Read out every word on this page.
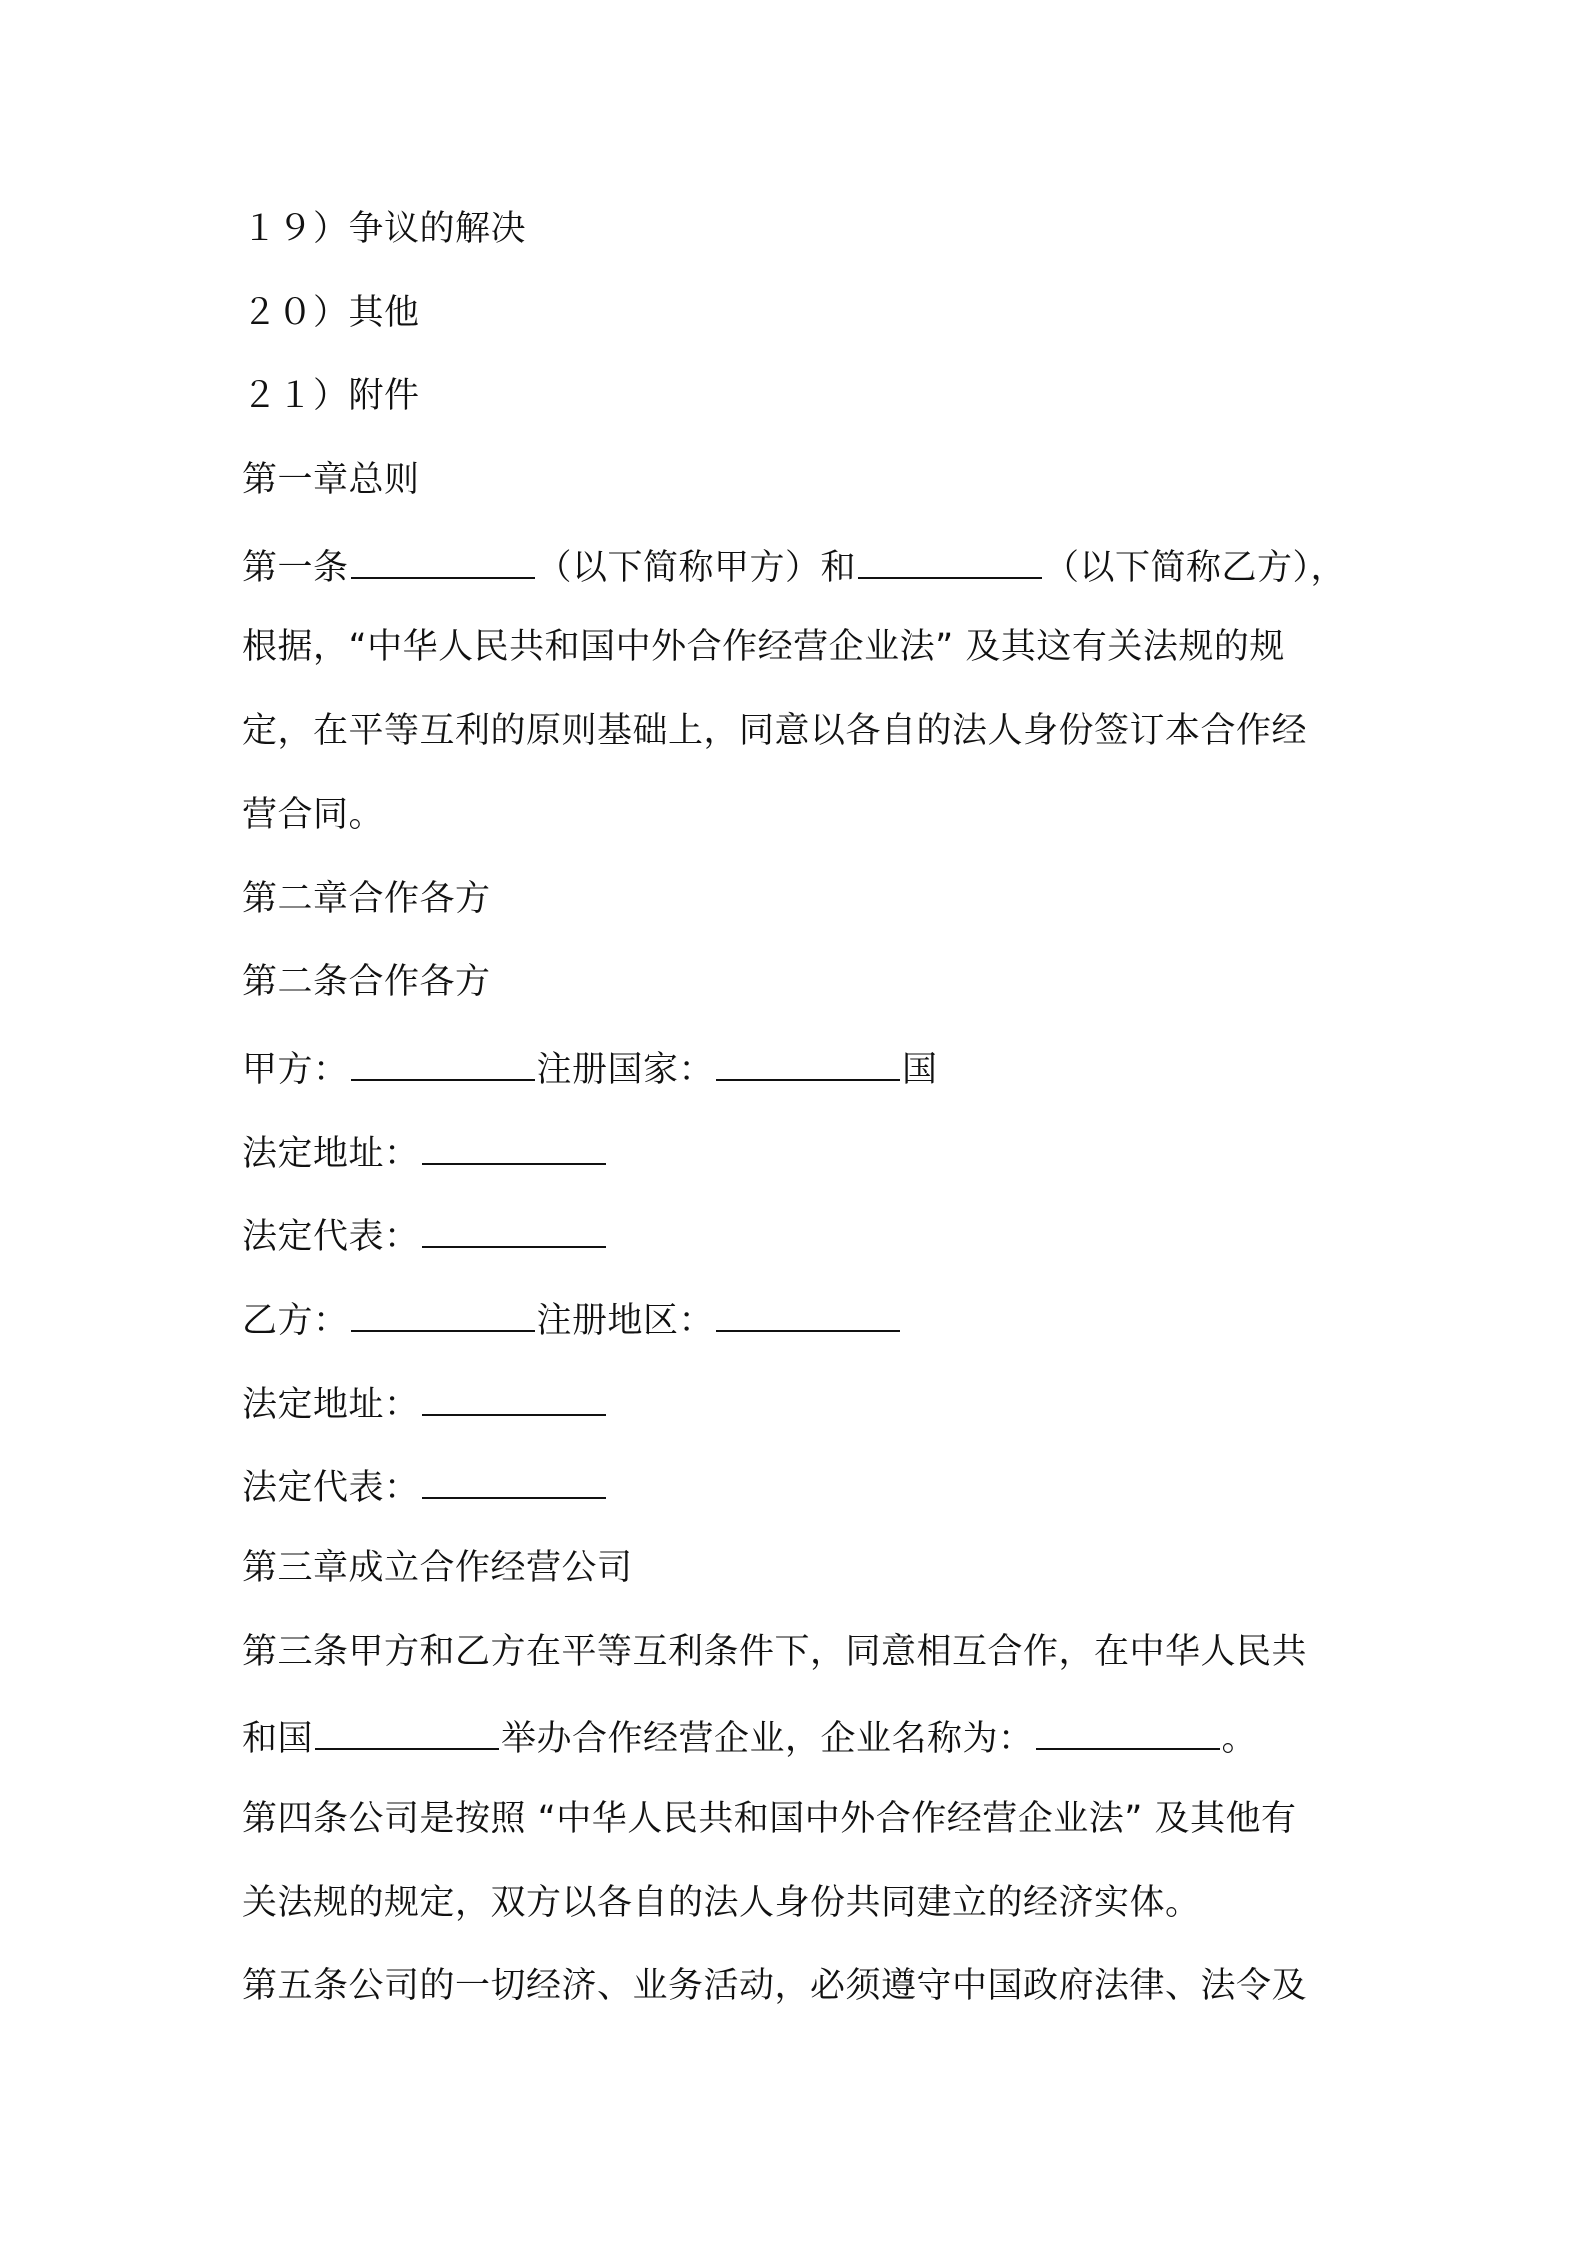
１９）争议的解决
２０）其他
２１）附件
第一章总则
第一条	（以下简称甲方）和	（以下简称乙方），
根据，“中华人民共和国中外合作经营企业法” 及其这有关法规的规
定，在平等互利的原则基础上，同意以各自的法人身份签订本合作经
营合同。
第二章合作各方
第二条合作各方
甲方：	注册国家：	国
法定地址：
法定代表：
乙方：	注册地区：
法定地址：
法定代表：
第三章成立合作经营公司
第三条甲方和乙方在平等互利条件下，同意相互合作，在中华人民共
和国	举办合作经营企业，企业名称为：	。
第四条公司是按照 “中华人民共和国中外合作经营企业法” 及其他有
关法规的规定，双方以各自的法人身份共同建立的经济实体。
第五条公司的一切经济、业务活动，必须遵守中国政府法律、法令及
